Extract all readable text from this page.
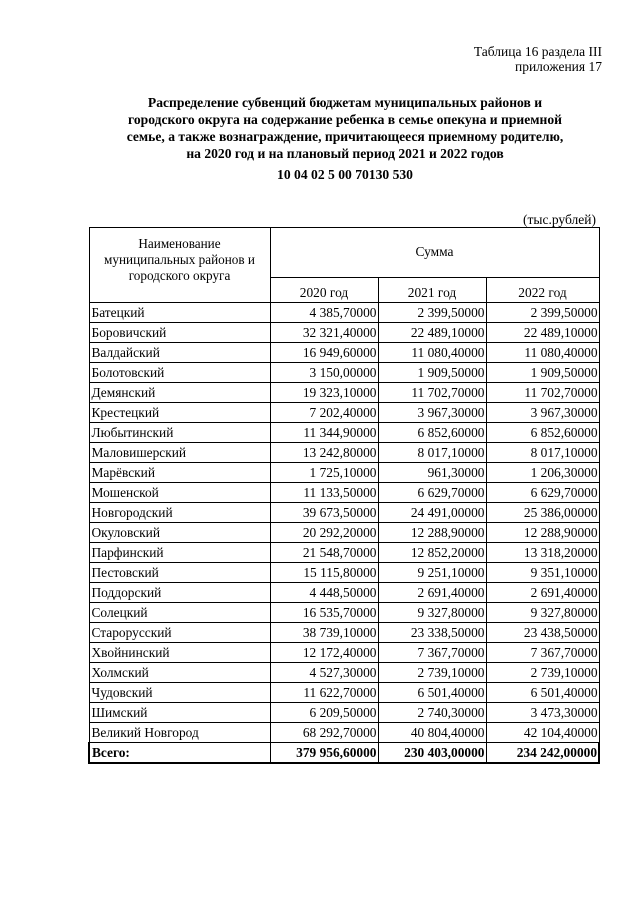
Таблица 16 раздела III
приложения 17
Распределение субвенций бюджетам муниципальных районов и
городского округа на содержание ребенка в семье опекуна и приемной
семье, а также вознаграждение, причитающееся приемному родителю,
на 2020 год и на плановый период 2021 и 2022 годов
10 04 02 5 00 70130 530
(тыс.рублей)
Наименование муниципальных районов и городского округа	Сумма		
	2020 год	2021 год	2022 год
Батецкий	4 385,70000	2 399,50000	2 399,50000
Боровичский	32 321,40000	22 489,10000	22 489,10000
Валдайский	16 949,60000	11 080,40000	11 080,40000
Болотовский	3 150,00000	1 909,50000	1 909,50000
Демянский	19 323,10000	11 702,70000	11 702,70000
Крестецкий	7 202,40000	3 967,30000	3 967,30000
Любытинский	11 344,90000	6 852,60000	6 852,60000
Маловишерский	13 242,80000	8 017,10000	8 017,10000
Марёвский	1 725,10000	961,30000	1 206,30000
Мошенской	11 133,50000	6 629,70000	6 629,70000
Новгородский	39 673,50000	24 491,00000	25 386,00000
Окуловский	20 292,20000	12 288,90000	12 288,90000
Парфинский	21 548,70000	12 852,20000	13 318,20000
Пестовский	15 115,80000	9 251,10000	9 351,10000
Поддорский	4 448,50000	2 691,40000	2 691,40000
Солецкий	16 535,70000	9 327,80000	9 327,80000
Старорусский	38 739,10000	23 338,50000	23 438,50000
Хвойнинский	12 172,40000	7 367,70000	7 367,70000
Холмский	4 527,30000	2 739,10000	2 739,10000
Чудовский	11 622,70000	6 501,40000	6 501,40000
Шимский	6 209,50000	2 740,30000	3 473,30000
Великий Новгород	68 292,70000	40 804,40000	42 104,40000
Всего:	379 956,60000	230 403,00000	234 242,00000
